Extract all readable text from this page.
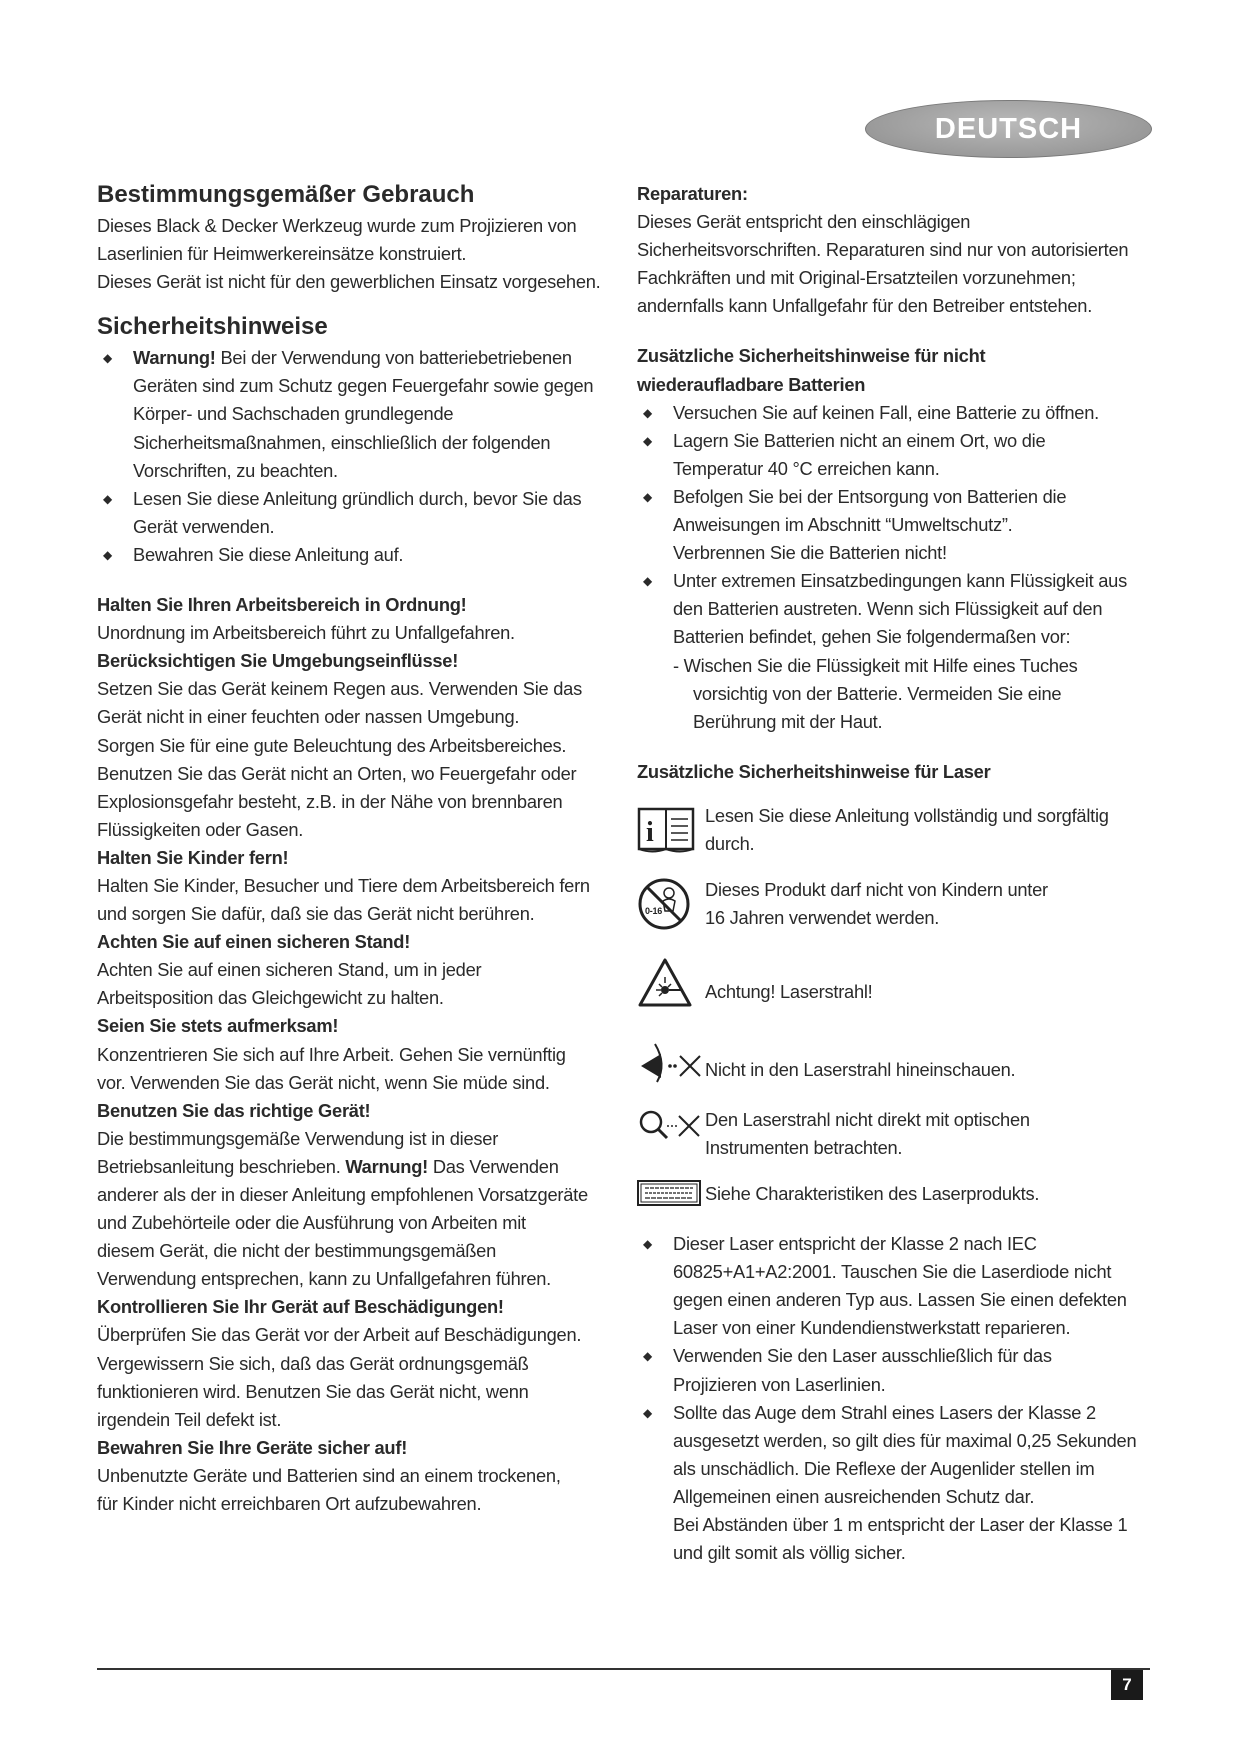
DEUTSCH
Bestimmungsgemäßer Gebrauch

Dieses Black & Decker Werkzeug wurde zum Projizieren von

Laserlinien für Heimwerkereinsätze konstruiert.

Dieses Gerät ist nicht für den gewerblichen Einsatz vorgesehen.

Sicherheitshinweise
◆ Warnung! Bei der Verwendung von batteriebetriebenen

Geräten sind zum Schutz gegen Feuergefahr sowie gegen

Körper- und Sachschaden grundlegende

Sicherheitsmaßnahmen, einschließlich der folgenden

Vorschriften, zu beachten.

◆ Lesen Sie diese Anleitung gründlich durch, bevor Sie das

Gerät verwenden.

◆ Bewahren Sie diese Anleitung auf.

Halten Sie Ihren Arbeitsbereich in Ordnung!

Unordnung im Arbeitsbereich führt zu Unfallgefahren.

Berücksichtigen Sie Umgebungseinflüsse!

Setzen Sie das Gerät keinem Regen aus. Verwenden Sie das

Gerät nicht in einer feuchten oder nassen Umgebung.

Sorgen Sie für eine gute Beleuchtung des Arbeitsbereiches.

Benutzen Sie das Gerät nicht an Orten, wo Feuergefahr oder

Explosionsgefahr besteht, z.B. in der Nähe von brennbaren

Flüssigkeiten oder Gasen.

Halten Sie Kinder fern!

Halten Sie Kinder, Besucher und Tiere dem Arbeitsbereich fern

und sorgen Sie dafür, daß sie das Gerät nicht berühren.

Achten Sie auf einen sicheren Stand!

Achten Sie auf einen sicheren Stand, um in jeder

Arbeitsposition das Gleichgewicht zu halten.

Seien Sie stets aufmerksam!

Konzentrieren Sie sich auf Ihre Arbeit. Gehen Sie vernünftig

vor. Verwenden Sie das Gerät nicht, wenn Sie müde sind.

Benutzen Sie das richtige Gerät!

Die bestimmungsgemäße Verwendung ist in dieser

Betriebsanleitung beschrieben. Warnung! Das Verwenden

anderer als der in dieser Anleitung empfohlenen Vorsatzgeräte

und Zubehörteile oder die Ausführung von Arbeiten mit

diesem Gerät, die nicht der bestimmungsgemäßen

Verwendung entsprechen, kann zu Unfallgefahren führen.

Kontrollieren Sie Ihr Gerät auf Beschädigungen!

Überprüfen Sie das Gerät vor der Arbeit auf Beschädigungen.

Vergewissern Sie sich, daß das Gerät ordnungsgemäß

funktionieren wird. Benutzen Sie das Gerät nicht, wenn

irgendein Teil defekt ist.

Bewahren Sie Ihre Geräte sicher auf!

Unbenutzte Geräte und Batterien sind an einem trockenen,

für Kinder nicht erreichbaren Ort aufzubewahren.

Reparaturen:

Dieses Gerät entspricht den einschlägigen

Sicherheitsvorschriften. Reparaturen sind nur von autorisierten

Fachkräften und mit Original-Ersatzteilen vorzunehmen;

andernfalls kann Unfallgefahr für den Betreiber entstehen.

Zusätzliche Sicherheitshinweise für nicht

wiederaufladbare Batterien

◆ Versuchen Sie auf keinen Fall, eine Batterie zu öffnen.

◆ Lagern Sie Batterien nicht an einem Ort, wo die

Temperatur 40 °C erreichen kann.

◆ Befolgen Sie bei der Entsorgung von Batterien die

Anweisungen im Abschnitt “Umweltschutz”.

Verbrennen Sie die Batterien nicht!

◆ Unter extremen Einsatzbedingungen kann Flüssigkeit aus

den Batterien austreten. Wenn sich Flüssigkeit auf den

Batterien befindet, gehen Sie folgendermaßen vor:

- Wischen Sie die Flüssigkeit mit Hilfe eines Tuches

vorsichtig von der Batterie. Vermeiden Sie eine

Berührung mit der Haut.

Zusätzliche Sicherheitshinweise für Laser

i

Lesen Sie diese Anleitung vollständig und sorgfältig

durch.

0-16

Dieses Produkt darf nicht von Kindern unter

16 Jahren verwendet werden.

Achtung! Laserstrahl!

Nicht in den Laserstrahl hineinschauen.

Den Laserstrahl nicht direkt mit optischen

Instrumenten betrachten.

Siehe Charakteristiken des Laserprodukts.

◆ Dieser Laser entspricht der Klasse 2 nach IEC

60825+A1+A2:2001. Tauschen Sie die Laserdiode nicht

gegen einen anderen Typ aus. Lassen Sie einen defekten

Laser von einer Kundendienstwerkstatt reparieren.

◆ Verwenden Sie den Laser ausschließlich für das

Projizieren von Laserlinien.

◆ Sollte das Auge dem Strahl eines Lasers der Klasse 2

ausgesetzt werden, so gilt dies für maximal 0,25 Sekunden

als unschädlich. Die Reflexe der Augenlider stellen im

Allgemeinen einen ausreichenden Schutz dar.

Bei Abständen über 1 m entspricht der Laser der Klasse 1

und gilt somit als völlig sicher.

7
